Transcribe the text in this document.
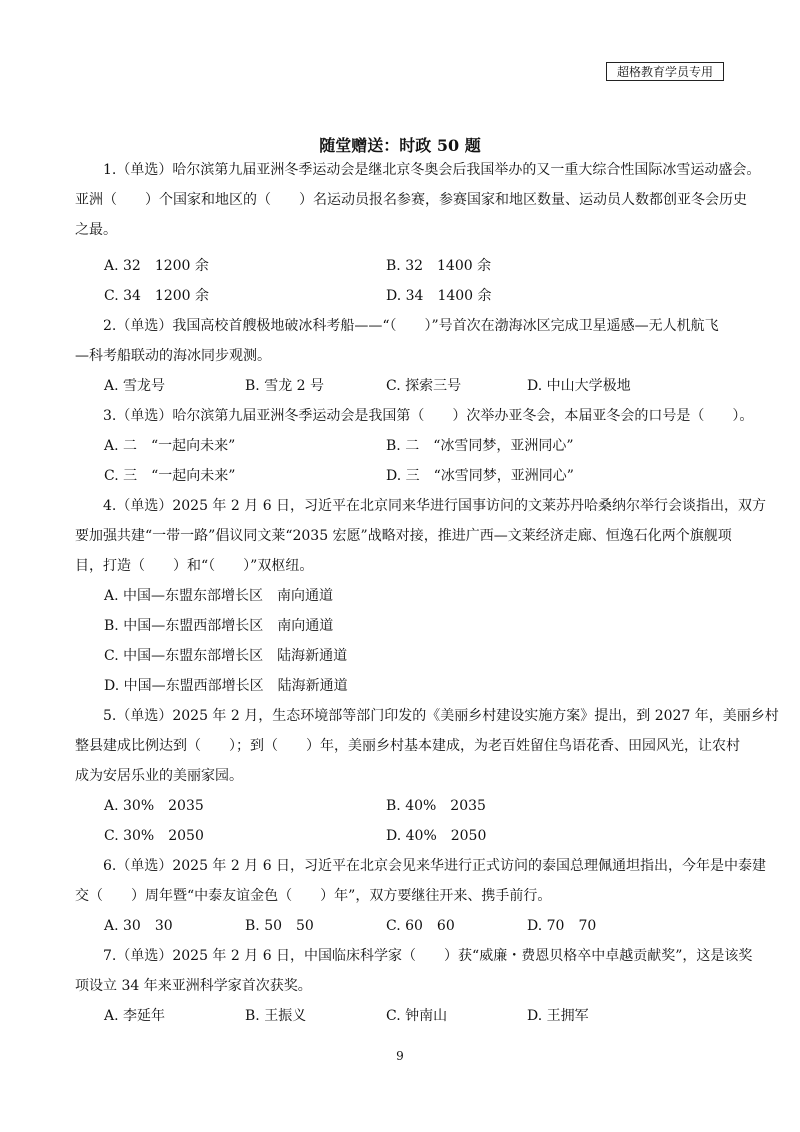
超格教育学员专用
随堂赠送：时政 50 题
1.（单选）哈尔滨第九届亚洲冬季运动会是继北京冬奥会后我国举办的又一重大综合性国际冰雪运动盛会。
亚洲（　　）个国家和地区的（　　）名运动员报名参赛，参赛国家和地区数量、运动员人数都创亚冬会历史
之最。
A. 32　1200 余	B. 32　1400 余
C. 34　1200 余	D. 34　1400 余
2.（单选）我国高校首艘极地破冰科考船——“（　　）”号首次在渤海冰区完成卫星遥感—无人机航飞
—科考船联动的海冰同步观测。
A. 雪龙号	B. 雪龙 2 号	C. 探索三号	D. 中山大学极地
3.（单选）哈尔滨第九届亚洲冬季运动会是我国第（　　）次举办亚冬会，本届亚冬会的口号是（　　）。
A. 二　“一起向未来”	B. 二　“冰雪同梦，亚洲同心”
C. 三　“一起向未来”	D. 三　“冰雪同梦，亚洲同心”
4.（单选）2025 年 2 月 6 日，习近平在北京同来华进行国事访问的文莱苏丹哈桑纳尔举行会谈指出，双方
要加强共建“一带一路”倡议同文莱“2035 宏愿”战略对接，推进广西—文莱经济走廊、恒逸石化两个旗舰项
目，打造（　　）和“（　　）”双枢纽。
A. 中国—东盟东部增长区　南向通道
B. 中国—东盟西部增长区　南向通道
C. 中国—东盟东部增长区　陆海新通道
D. 中国—东盟西部增长区　陆海新通道
5.（单选）2025 年 2 月，生态环境部等部门印发的《美丽乡村建设实施方案》提出，到 2027 年，美丽乡村
整县建成比例达到（　　）；到（　　）年，美丽乡村基本建成，为老百姓留住鸟语花香、田园风光，让农村
成为安居乐业的美丽家园。
A. 30%　2035	B. 40%　2035
C. 30%　2050	D. 40%　2050
6.（单选）2025 年 2 月 6 日，习近平在北京会见来华进行正式访问的泰国总理佩通坦指出，今年是中泰建
交（　　）周年暨“中泰友谊金色（　　）年”，双方要继往开来、携手前行。
A. 30　30	B. 50　50	C. 60　60	D. 70　70
7.（单选）2025 年 2 月 6 日，中国临床科学家（　　）获“威廉・费恩贝格卒中卓越贡献奖”，这是该奖
项设立 34 年来亚洲科学家首次获奖。
A. 李延年	B. 王振义	C. 钟南山	D. 王拥军
9
